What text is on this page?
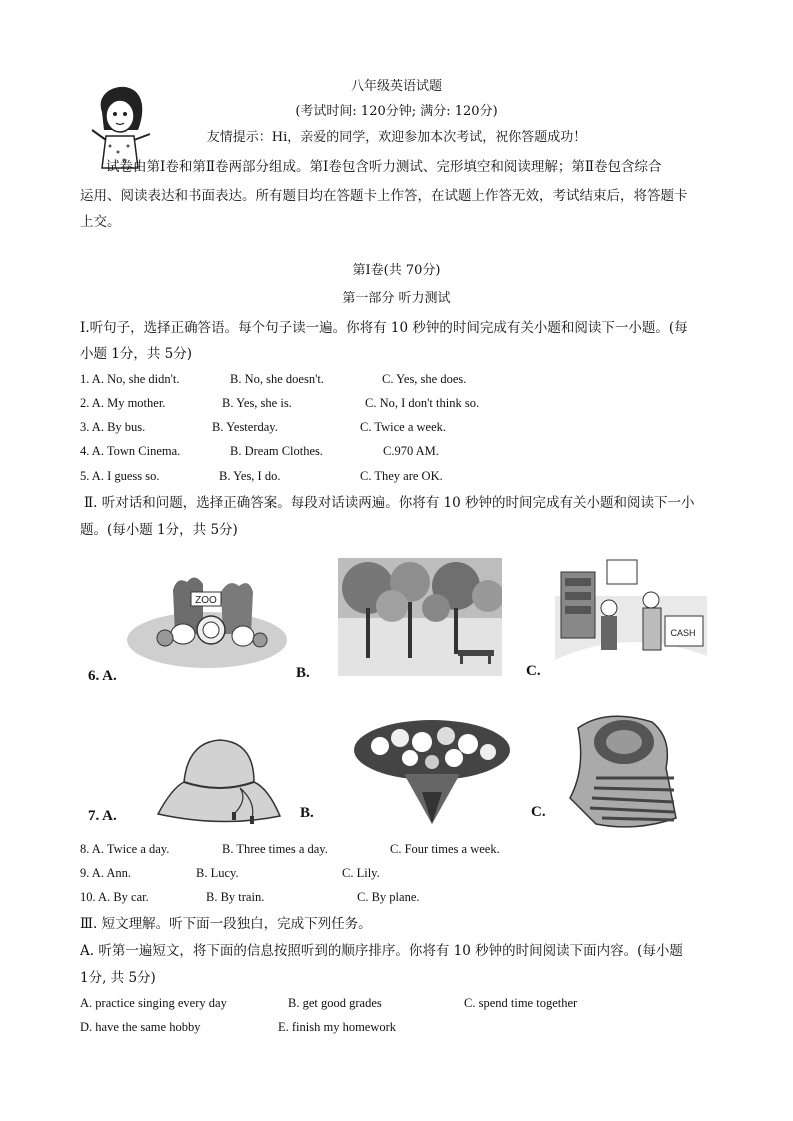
八年级英语试题
(考试时间: 120分钟; 满分: 120分)
友情提示：Hi，亲爱的同学，欢迎参加本次考试，祝你答题成功！
试卷由第Ⅰ卷和第Ⅱ卷两部分组成。第Ⅰ卷包含听力测试、完形填空和阅读理解；第Ⅱ卷包含综合
运用、阅读表达和书面表达。所有题目均在答题卡上作答，在试题上作答无效，考试结束后，将答题卡
上交。
第Ⅰ卷(共 70分)
第一部分 听力测试
Ⅰ.听句子，选择正确答语。每个句子读一遍。你将有 10 秒钟的时间完成有关小题和阅读下一小题。(每
小题 1分，共 5分)
1. A. No, she didn't.	B. No, she doesn't.	C. Yes, she does.
2. A. My mother.	B. Yes, she is.	C. No, I don't think so.
3. A. By bus.	B. Yesterday.	C. Twice a week.
4. A. Town Cinema.	B. Dream Clothes.	C.970 AM.
5. A. I guess so.	B. Yes, I do.	C. They are OK.
Ⅱ. 听对话和问题，选择正确答案。每段对话读两遍。你将有 10 秒钟的时间完成有关小题和阅读下一小
题。(每小题 1分，共 5分)
6. A.
ZOO
B.	C.
CASH
7. A.	B.	C.
8. A. Twice a day.	B. Three times a day.	C. Four times a week.
9. A. Ann.	B. Lucy.	C. Lily.
10. A. By car.	B. By train.	C. By plane.
Ⅲ. 短文理解。听下面一段独白，完成下列任务。
A. 听第一遍短文，将下面的信息按照听到的顺序排序。你将有 10 秒钟的时间阅读下面内容。(每小题
1分, 共 5分)
A. practice singing every day	B. get good grades	C. spend time together
D. have the same hobby	E. finish my homework
